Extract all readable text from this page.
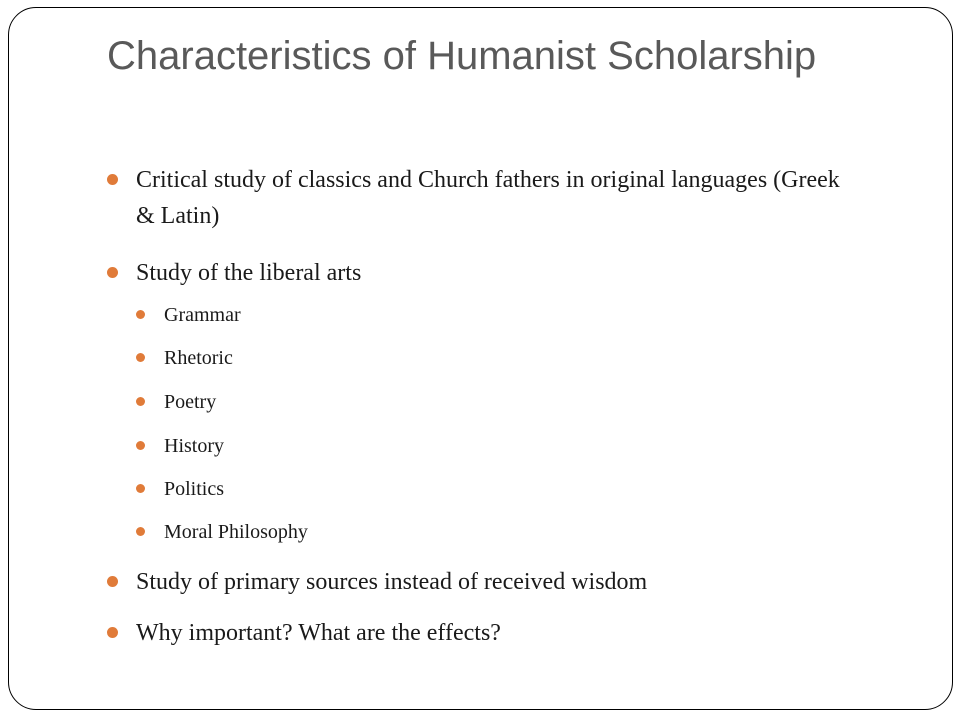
Characteristics of Humanist Scholarship
Critical study of classics and Church fathers in original languages (Greek & Latin)
Study of the liberal arts
Grammar
Rhetoric
Poetry
History
Politics
Moral Philosophy
Study of primary sources instead of received wisdom
Why important? What are the effects?
